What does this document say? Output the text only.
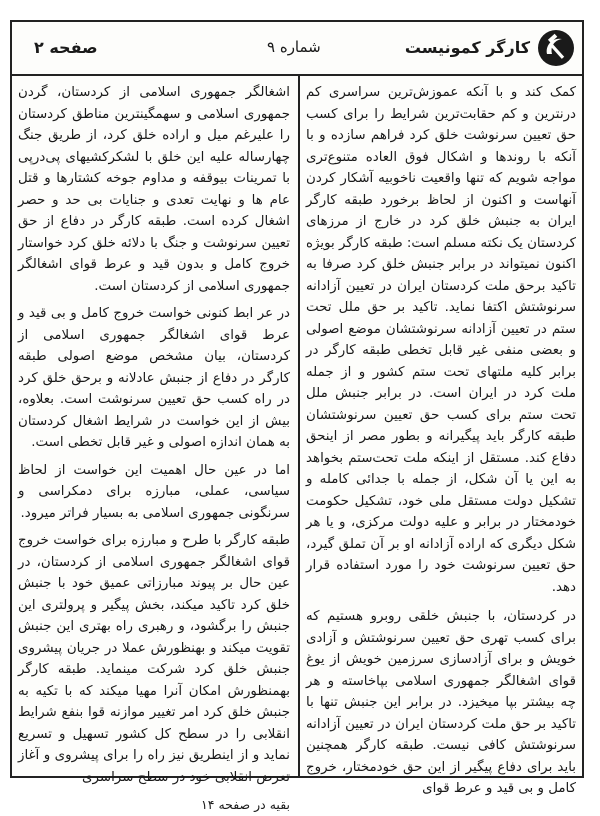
کارگر کمونیست
شماره ۹
صفحه ۲

کمک کند و با آنکه عموزش‌ترین سراسری کم درنترین و کم حقابت‌ترین شرایط را برای کسب حق تعیین سرنوشت خلق کرد فراهم سازده و با آنکه با روندها و اشکال فوق العاده متنوع‌تری مواجه شویم که تنها واقعیت ناخوبیه آشکار کردن آنهاست و اکنون از لحاظ برخورد طبقه کارگر ایران به جنبش خلق کرد در خارج از مرزهای کردستان یک نکته مسلم است: طبقه کارگر بویژه اکنون نمیتواند در برابر جنبش خلق کرد صرفا به تاکید برحق ملت کردستان ایران در تعیین آزادانه سرنوشتش اکتفا نماید. تاکید بر حق ملل تحت ستم در تعیین آزادانه سرنوشتشان موضع اصولی و بعضی منفی غیر قابل تخطی طبقه کارگر در برابر کلیه ملتهای تحت ستم کشور و از جمله ملت کرد در ایران است. در برابر جنبش ملل تحت ستم برای کسب حق تعیین سرنوشتشان طبقه کارگر باید پیگیرانه و بطور مصر از اینحق دفاع کند. مستقل از اینکه ملت تحت‌ستم بخواهد به این یا آن شکل، از جمله با جدائی کامله و تشکیل دولت مستقل ملی خود، تشکیل حکومت خودمختار در برابر و علیه دولت مرکزی، و یا هر شکل دیگری که اراده آزادانه او بر آن تملق گیرد، حق تعیین سرنوشت خود را مورد استفاده قرار دهد.

در کردستان، با جنبش خلقی روبرو هستیم که برای کسب تهری حق تعیین سرنوشتش و آزادی خویش و برای آزادسازی سرزمین خویش از یوغ قوای اشغالگر جمهوری اسلامی بپاخاسته و هر چه بیشتر بپا میخیزد. در برابر این جنبش تنها با تاکید بر حق ملت کردستان ایران در تعیین آزادانه سرنوشتش کافی نیست. طبقه کارگر همچنین باید برای دفاع پیگیر از این حق خودمختار، خروج کامل و بی قید و عرط قوای

اشغالگر جمهوری اسلامی از کردستان، گردن جمهوری اسلامی و سهمگینترین مناطق کردستان را علیرغم میل و اراده خلق کرد، از طریق جنگ چهارساله علیه این خلق با لشکرکشیهای پی‌درپی با تمرینات بیوقفه و مداوم جوخه کشتارها و قتل عام ها و نهایت تعدی و جنایات بی حد و حصر اشغال کرده است. طبقه کارگر در دفاع از حق تعیین سرنوشت و جنگ با دلائه خلق کرد خواستار خروج کامل و بدون قید و عرط قوای اشغالگر جمهوری اسلامی از کردستان است.

در عر ابط کنونی خواست خروج کامل و بی قید و عرط قوای اشغالگر جمهوری اسلامی از کردستان، بیان مشخص موضع اصولی طبقه کارگر در دفاع از جنبش عادلانه و برحق خلق کرد در راه کسب حق تعیین سرنوشت است. بعلاوه، بیش از این خواست در شرایط اشغال کردستان به همان اندازه اصولی و غیر قابل تخطی است.

اما در عین حال اهمیت این خواست از لحاظ سیاسی، عملی، مبارزه برای دمکراسی و سرنگونی جمهوری اسلامی به بسیار فراتر میرود.

طبقه کارگر با طرح و مبارزه برای خواست خروج قوای اشغالگر جمهوری اسلامی از کردستان، در عین حال بر پیوند مبارزاتی عمیق خود با جنبش خلق کرد تاکید میکند، بخش پیگیر و پرولتری این جنبش را برگشود، و رهبری راه بهتری این جنبش تقویت میکند و بهنظورش عملا در جریان پیشروی جنبش خلق کرد شرکت مینماید. طبقه کارگر بهمنظورش امکان آنرا مهیا میکند که با تکیه به جنبش خلق کرد امر تغییر موازنه قوا بنفع شرایط انقلابی را در سطح کل کشور تسهیل و تسریع نماید و از اینطریق نیز راه را برای پیشروی و آغاز تعرض انقلابی خود در سطح سراسری

بقیه در صفحه ۱۴
